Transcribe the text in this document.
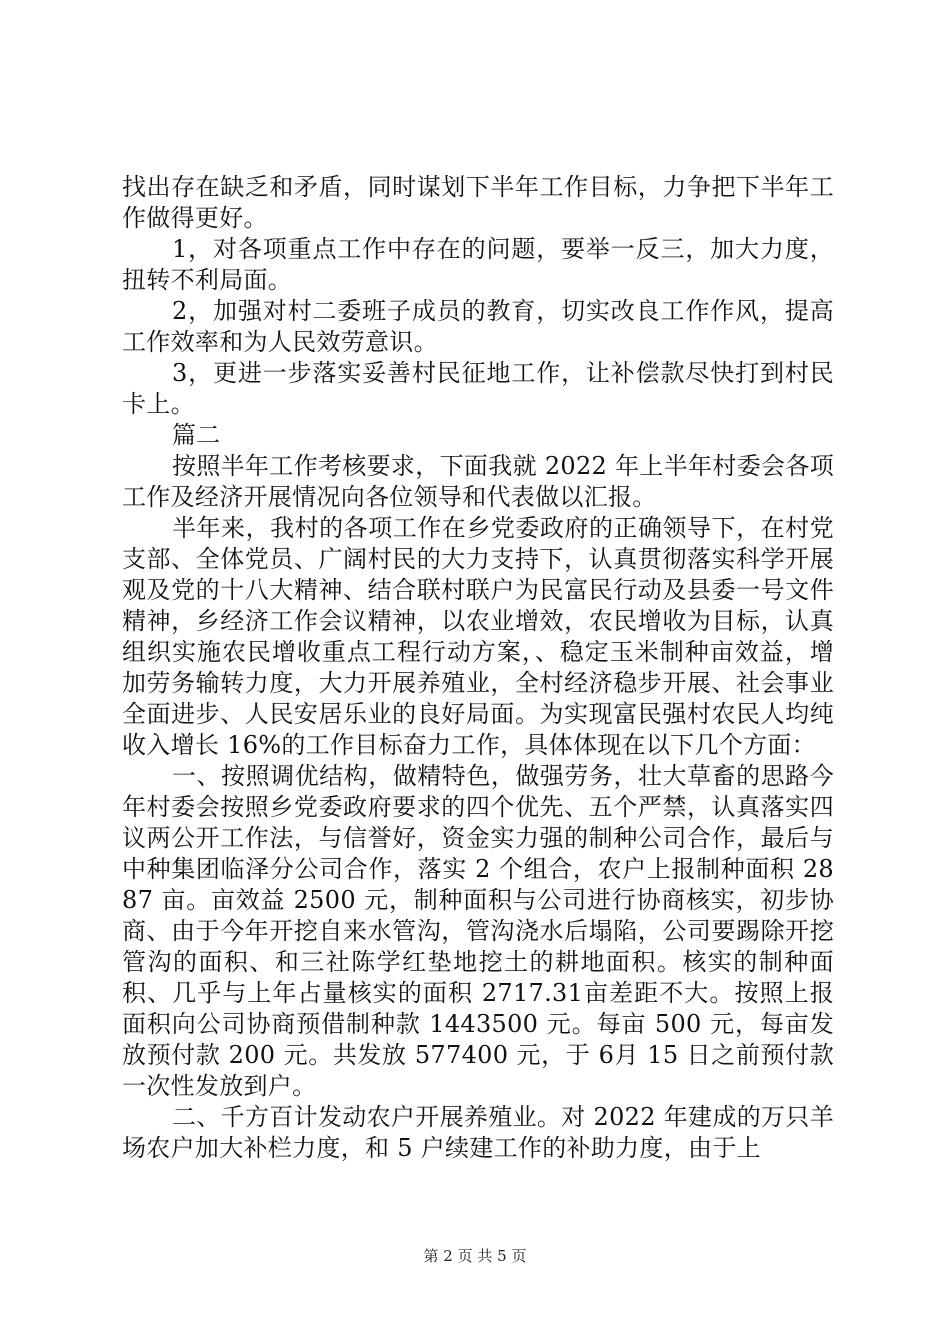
找出存在缺乏和矛盾，同时谋划下半年工作目标，力争把下半年工作做得更好。

1，对各项重点工作中存在的问题，要举一反三，加大力度，扭转不利局面。

2，加强对村二委班子成员的教育，切实改良工作作风，提高工作效率和为人民效劳意识。

3，更进一步落实妥善村民征地工作，让补偿款尽快打到村民卡上。

篇二

按照半年工作考核要求，下面我就 2022 年上半年村委会各项工作及经济开展情况向各位领导和代表做以汇报。

半年来，我村的各项工作在乡党委政府的正确领导下，在村党支部、全体党员、广阔村民的大力支持下，认真贯彻落实科学开展观及党的十八大精神、结合联村联户为民富民行动及县委一号文件精神，乡经济工作会议精神，以农业增效，农民增收为目标，认真组织实施农民增收重点工程行动方案，、稳定玉米制种亩效益，增加劳务输转力度，大力开展养殖业，全村经济稳步开展、社会事业全面进步、人民安居乐业的良好局面。为实现富民强村农民人均纯收入增长 16%的工作目标奋力工作，具体体现在以下几个方面：

一、按照调优结构，做精特色，做强劳务，壮大草畜的思路今年村委会按照乡党委政府要求的四个优先、五个严禁，认真落实四议两公开工作法，与信誉好，资金实力强的制种公司合作，最后与中种集团临泽分公司合作，落实 2 个组合，农户上报制种面积 2887 亩。亩效益 2500 元，制种面积与公司进行协商核实，初步协商、由于今年开挖自来水管沟，管沟浇水后塌陷，公司要踢除开挖管沟的面积、和三社陈学红垫地挖土的耕地面积。核实的制种面积、几乎与上年占量核实的面积 2717.31亩差距不大。按照上报面积向公司协商预借制种款 1443500 元。每亩 500 元，每亩发放预付款 200 元。共发放 577400 元，于 6月 15 日之前预付款一次性发放到户。

二、千方百计发动农户开展养殖业。对 2022 年建成的万只羊场农户加大补栏力度，和 5 户续建工作的补助力度，由于上

第 2 页 共 5 页
